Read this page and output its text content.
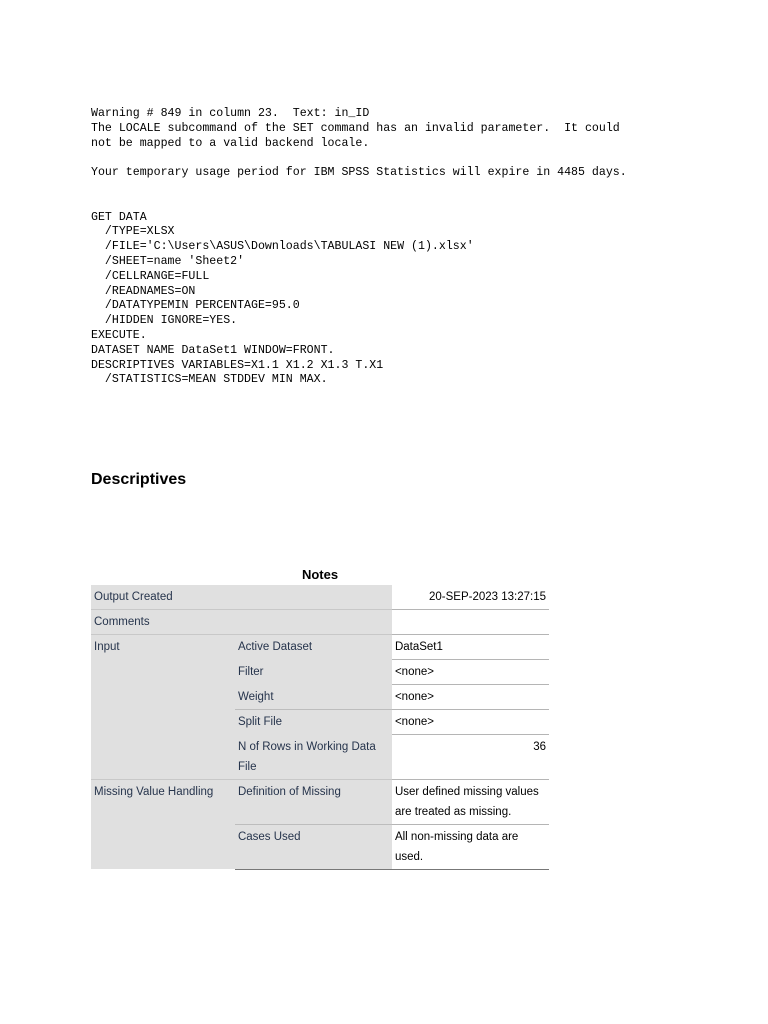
Warning # 849 in column 23.  Text: in_ID
The LOCALE subcommand of the SET command has an invalid parameter.  It could
not be mapped to a valid backend locale.

Your temporary usage period for IBM SPSS Statistics will expire in 4485 days.

GET DATA
/TYPE=XLSX
/FILE='C:\Users\ASUS\Downloads\TABULASI NEW (1).xlsx'
/SHEET=name 'Sheet2'
/CELLRANGE=FULL
/READNAMES=ON
/DATATYPEMIN PERCENTAGE=95.0
/HIDDEN IGNORE=YES.
EXECUTE.
DATASET NAME DataSet1 WINDOW=FRONT.
DESCRIPTIVES VARIABLES=X1.1 X1.2 X1.3 T.X1
/STATISTICS=MEAN STDDEV MIN MAX.

Descriptives
Notes
Output Created		20-SEP-2023 13:27:15
Comments		
Input	Active Dataset	DataSet1
	Filter	<none>
	Weight	<none>
	Split File	<none>
	N of Rows in Working Data File	36
Missing Value Handling	Definition of Missing	User defined missing values are treated as missing.
	Cases Used	All non-missing data are used.
